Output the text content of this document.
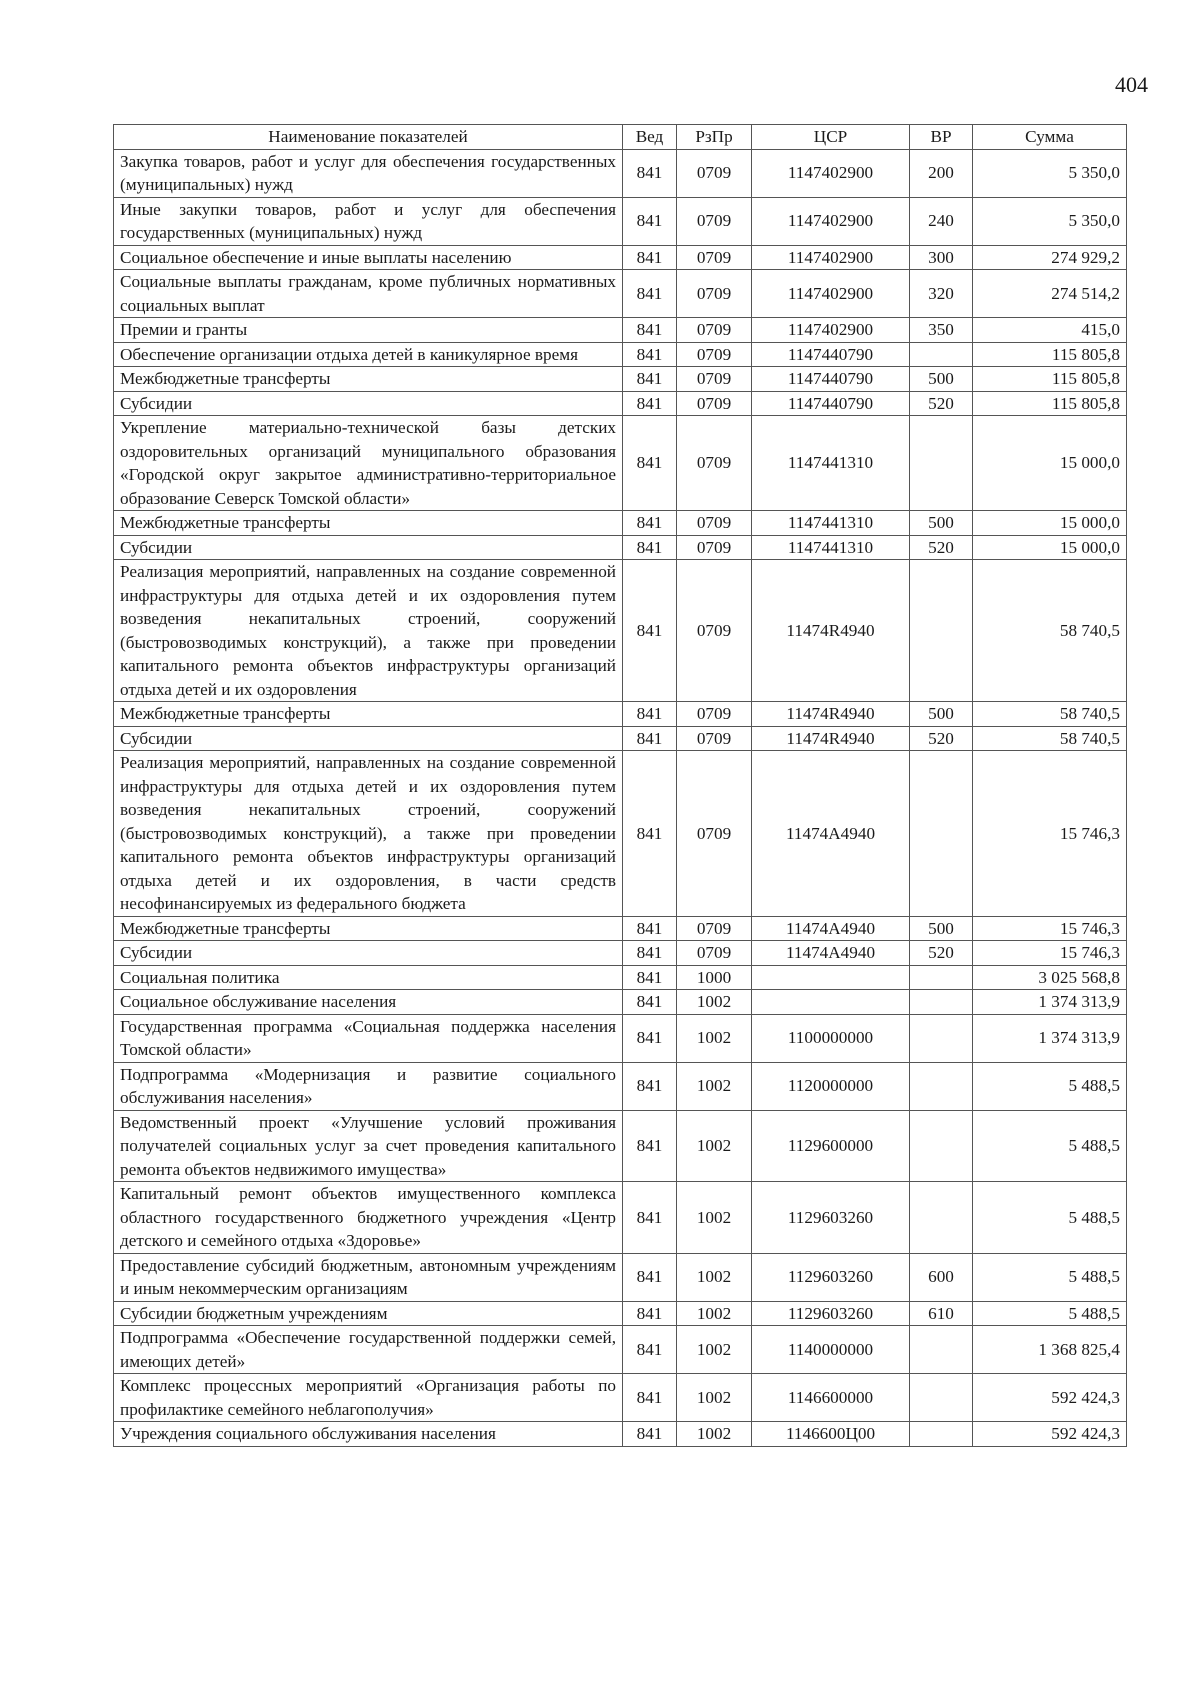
404
Наименование показателей	Вед	РзПр	ЦСР	ВР	Сумма
Закупка товаров, работ и услуг для обеспечения государственных (муниципальных) нужд	841	0709	1147402900	200	5 350,0
Иные закупки товаров, работ и услуг для обеспечения государственных (муниципальных) нужд	841	0709	1147402900	240	5 350,0
Социальное обеспечение и иные выплаты населению	841	0709	1147402900	300	274 929,2
Социальные выплаты гражданам, кроме публичных нормативных социальных выплат	841	0709	1147402900	320	274 514,2
Премии и гранты	841	0709	1147402900	350	415,0
Обеспечение организации отдыха детей в каникулярное время	841	0709	1147440790		115 805,8
Межбюджетные трансферты	841	0709	1147440790	500	115 805,8
Субсидии	841	0709	1147440790	520	115 805,8
Укрепление материально-технической базы детских оздоровительных организаций муниципального образования «Городской округ закрытое административно-территориальное образование Северск Томской области»	841	0709	1147441310		15 000,0
Межбюджетные трансферты	841	0709	1147441310	500	15 000,0
Субсидии	841	0709	1147441310	520	15 000,0
Реализация мероприятий, направленных на создание современной инфраструктуры для отдыха детей и их оздоровления путем возведения некапитальных строений, сооружений (быстровозводимых конструкций), а также при проведении капитального ремонта объектов инфраструктуры организаций отдыха детей и их оздоровления	841	0709	11474R4940		58 740,5
Межбюджетные трансферты	841	0709	11474R4940	500	58 740,5
Субсидии	841	0709	11474R4940	520	58 740,5
Реализация мероприятий, направленных на создание современной инфраструктуры для отдыха детей и их оздоровления путем возведения некапитальных строений, сооружений (быстровозводимых конструкций), а также при проведении капитального ремонта объектов инфраструктуры организаций отдыха детей и их оздоровления, в части средств несофинансируемых из федерального бюджета	841	0709	11474A4940		15 746,3
Межбюджетные трансферты	841	0709	11474A4940	500	15 746,3
Субсидии	841	0709	11474A4940	520	15 746,3
Социальная политика	841	1000			3 025 568,8
Социальное обслуживание населения	841	1002			1 374 313,9
Государственная программа «Социальная поддержка населения Томской области»	841	1002	1100000000		1 374 313,9
Подпрограмма «Модернизация и развитие социального обслуживания населения»	841	1002	1120000000		5 488,5
Ведомственный проект «Улучшение условий проживания получателей социальных услуг за счет проведения капитального ремонта объектов недвижимого имущества»	841	1002	1129600000		5 488,5
Капитальный ремонт объектов имущественного комплекса областного государственного бюджетного учреждения «Центр детского и семейного отдыха «Здоровье»	841	1002	1129603260		5 488,5
Предоставление субсидий бюджетным, автономным учреждениям и иным некоммерческим организациям	841	1002	1129603260	600	5 488,5
Субсидии бюджетным учреждениям	841	1002	1129603260	610	5 488,5
Подпрограмма «Обеспечение государственной поддержки семей, имеющих детей»	841	1002	1140000000		1 368 825,4
Комплекс процессных мероприятий «Организация работы по профилактике семейного неблагополучия»	841	1002	1146600000		592 424,3
Учреждения социального обслуживания населения	841	1002	1146600Ц00		592 424,3
